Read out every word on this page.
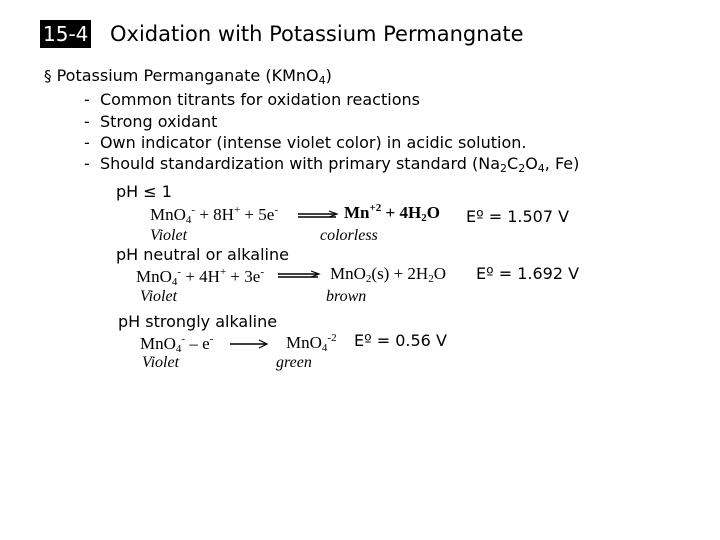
15-4 Oxidation with Potassium Permangnate
§ Potassium Permanganate (KMnO$_4$)
- Common titrants for oxidation reactions
- Strong oxidant
- Own indicator (intense violet color) in acidic solution.
- Should standardization with primary standard ($Na_2C_2O_4$, Fe)
pH ≤ 1
MnO$_4$- + 8H+ + 5e-	$Mn^{+2} + 4H_2O$ Eº = 1.507 V
Violet	colorless
pH neutral or alkaline
MnO$_4$- + 4H+ + 3e-	$MnO_2(s) + 2H_2O$ Eº = 1.692 V
Violet	brown
pH strongly alkaline
MnO$_4$- – e- → MnO$_4^{-2}$ Eº = 0.56 V
Violet	green
